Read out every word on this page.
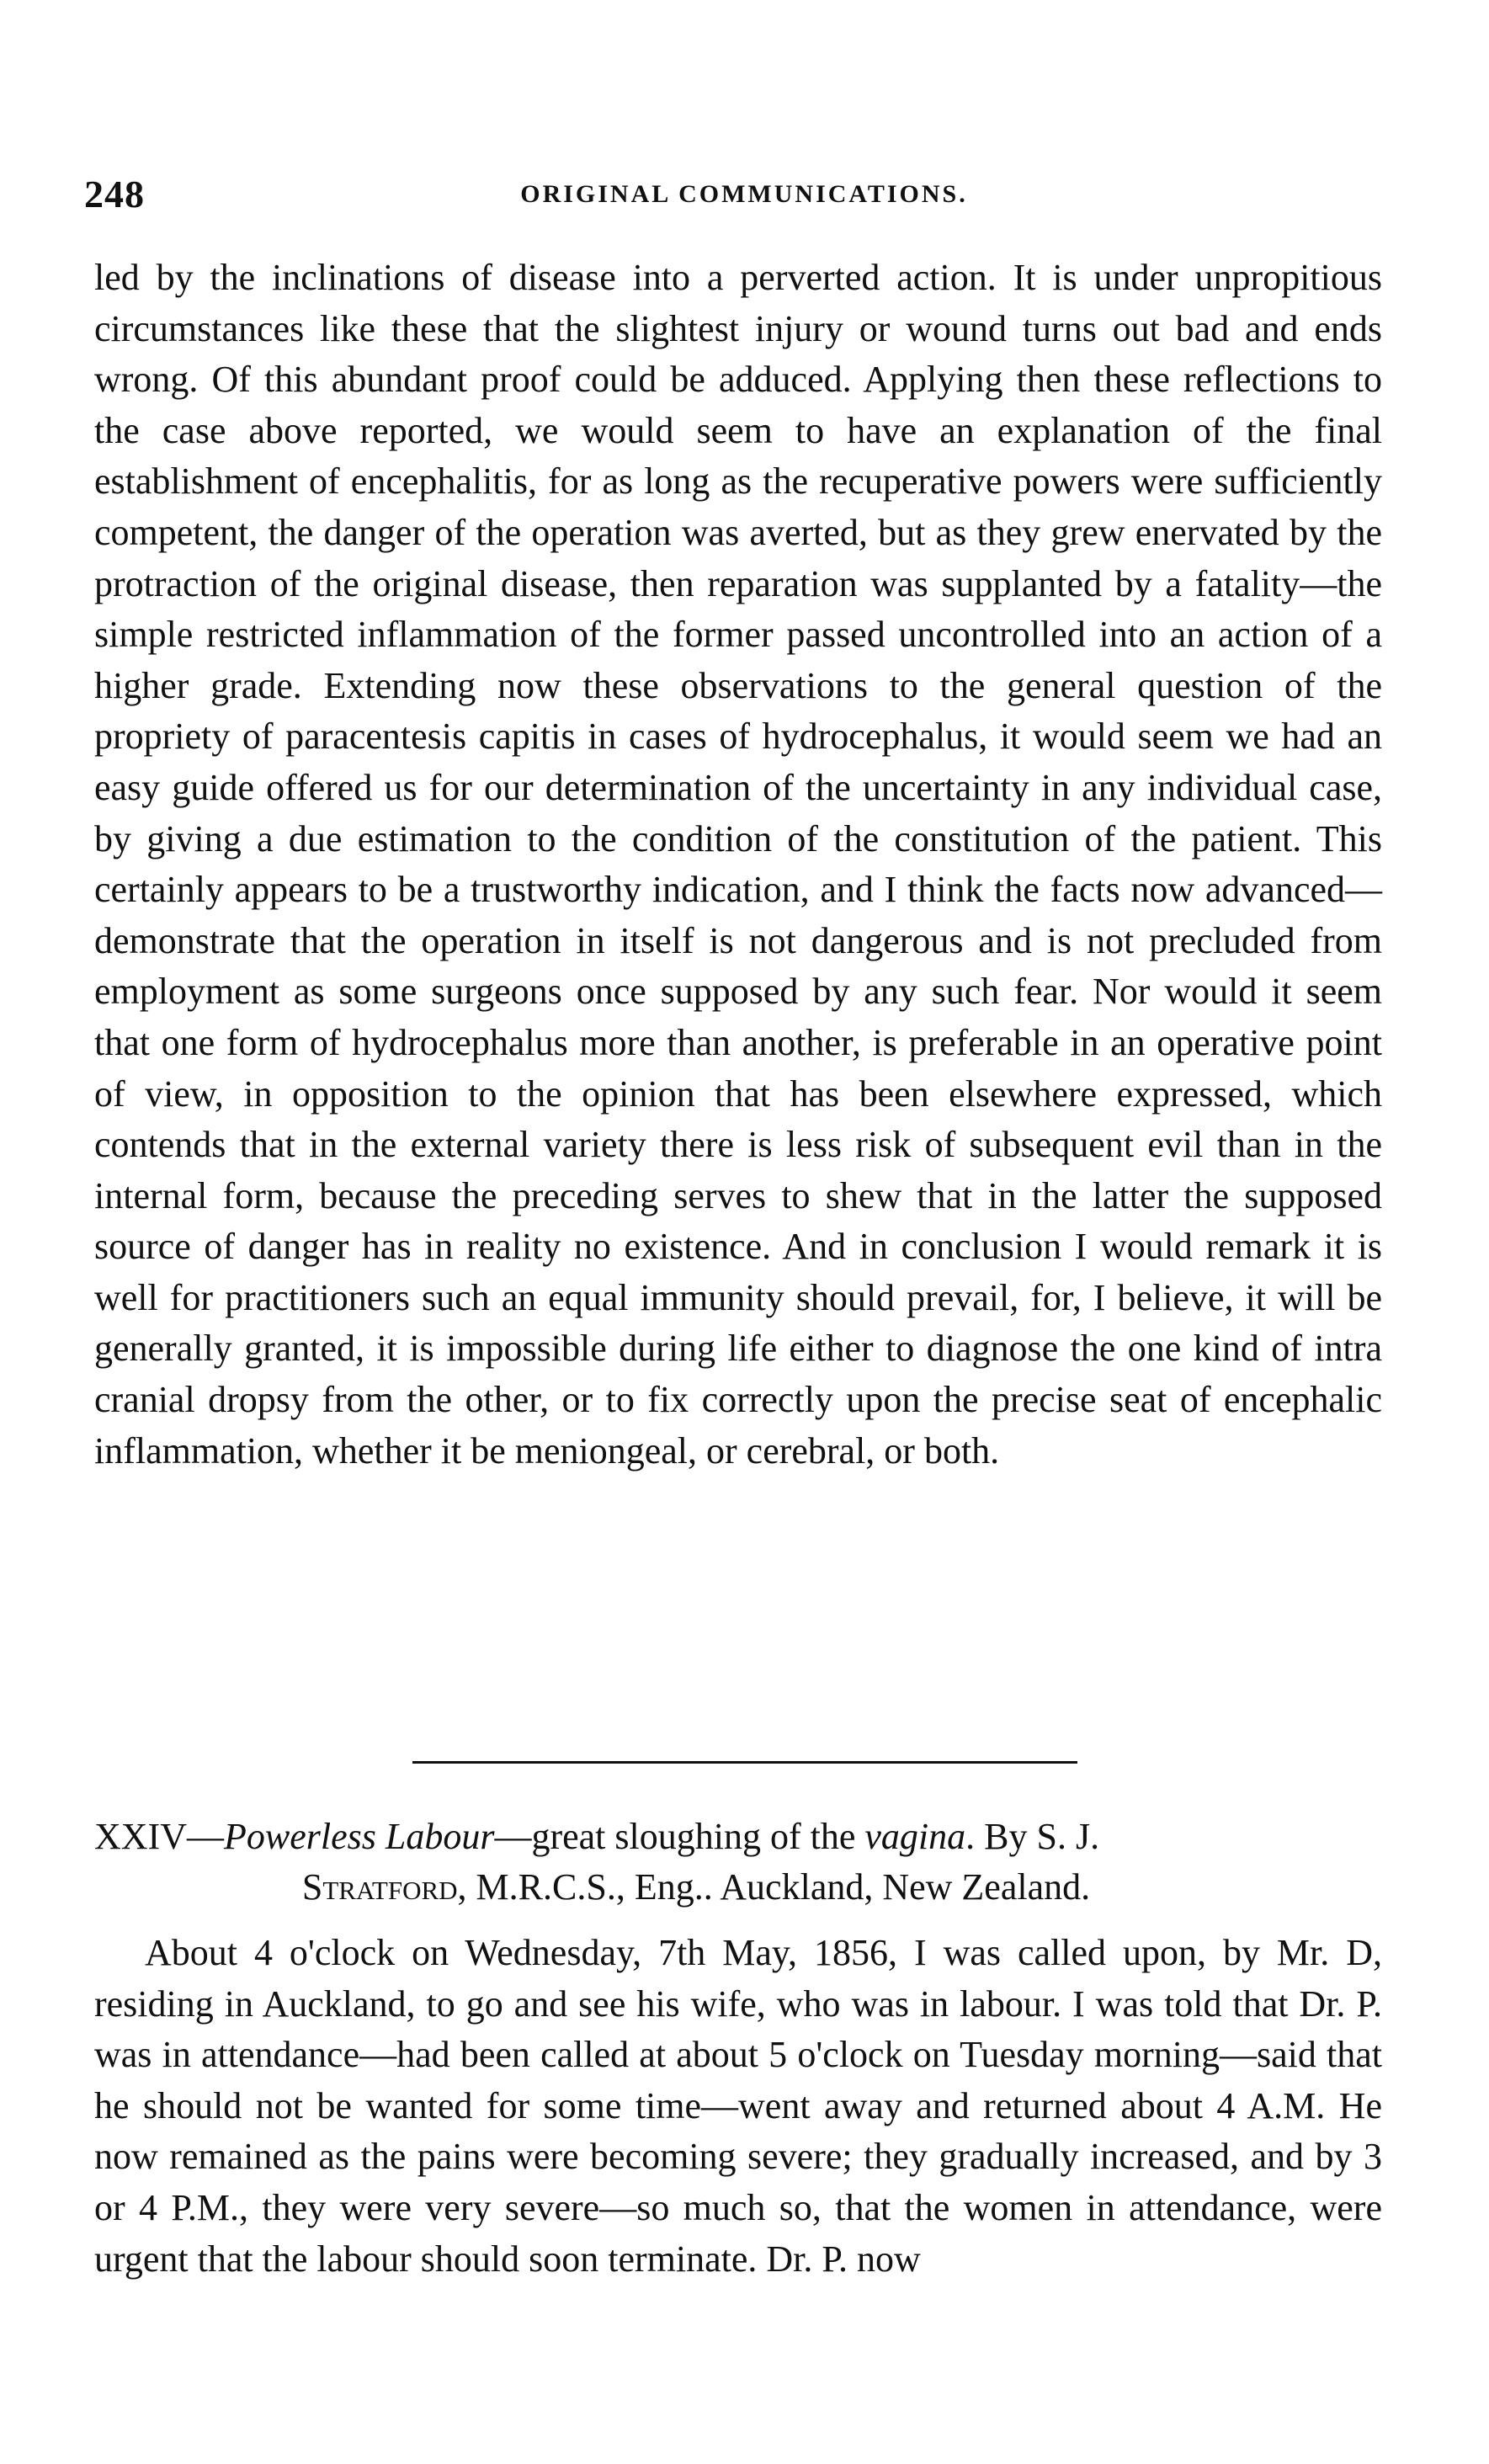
248	ORIGINAL COMMUNICATIONS.

led by the inclinations of disease into a perverted action. It is under unpropitious circumstances like these that the slightest injury or wound turns out bad and ends wrong. Of this abundant proof could be adduced. Applying then these reflections to the case above reported, we would seem to have an explanation of the final establishment of encephalitis, for as long as the recuperative powers were sufficiently competent, the danger of the operation was averted, but as they grew enervated by the protraction of the original disease, then reparation was supplanted by a fatality—the simple restricted inflammation of the former passed uncontrolled into an action of a higher grade. Extending now these observations to the general question of the propriety of paracentesis capitis in cases of hydrocephalus, it would seem we had an easy guide offered us for our determination of the uncertainty in any individual case, by giving a due estimation to the condition of the constitution of the patient. This certainly appears to be a trustworthy indication, and I think the facts now advanced—demonstrate that the operation in itself is not dangerous and is not precluded from employment as some surgeons once supposed by any such fear. Nor would it seem that one form of hydrocephalus more than another, is preferable in an operative point of view, in opposition to the opinion that has been elsewhere expressed, which contends that in the external variety there is less risk of subsequent evil than in the internal form, because the preceding serves to shew that in the latter the supposed source of danger has in reality no existence. And in conclusion I would remark it is well for practitioners such an equal immunity should prevail, for, I believe, it will be generally granted, it is impossible during life either to diagnose the one kind of intra cranial dropsy from the other, or to fix correctly upon the precise seat of encephalic inflammation, whether it be meniongeal, or cerebral, or both.

XXIV—Powerless Labour—great sloughing of the vagina. By S. J.
Stratford, M.R.C.S., Eng.. Auckland, New Zealand.

About 4 o'clock on Wednesday, 7th May, 1856, I was called upon, by Mr. D, residing in Auckland, to go and see his wife, who was in labour. I was told that Dr. P. was in attendance—had been called at about 5 o'clock on Tuesday morning—said that he should not be wanted for some time—went away and returned about 4 A.M. He now remained as the pains were becoming severe; they gradually increased, and by 3 or 4 P.M., they were very severe—so much so, that the women in attendance, were urgent that the labour should soon terminate. Dr. P. now
